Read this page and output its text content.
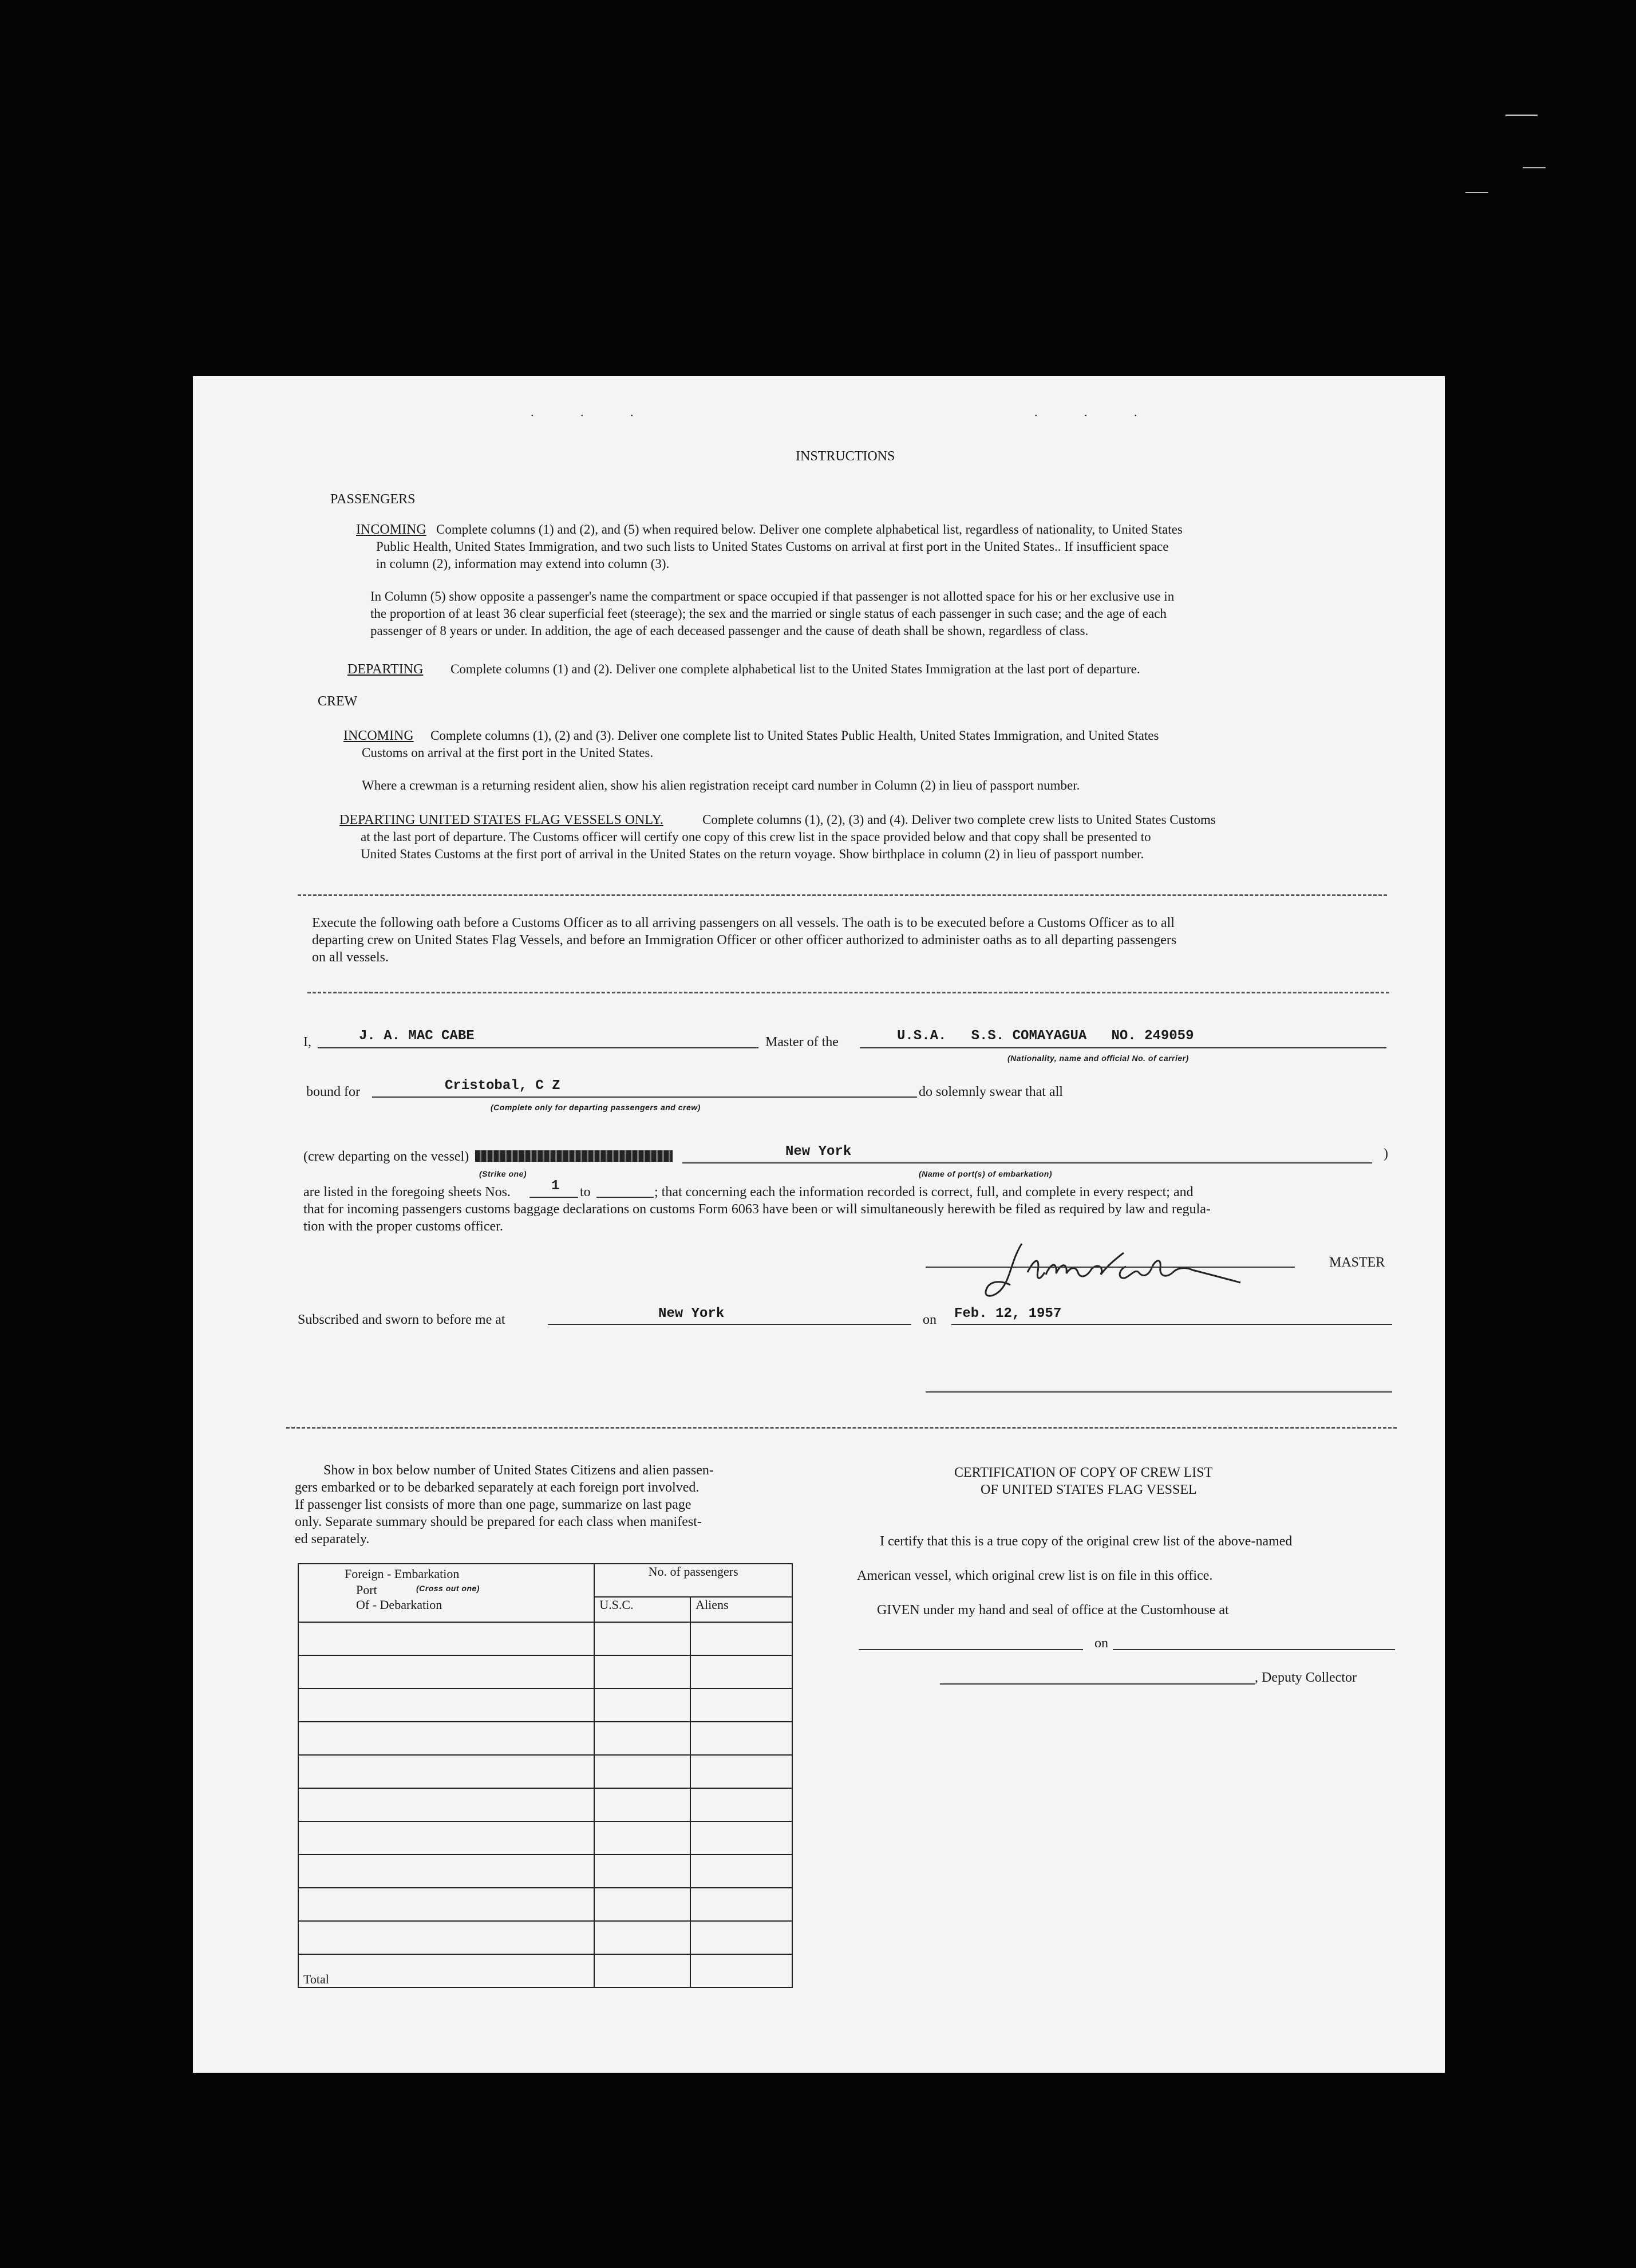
. . .	. . .
INSTRUCTIONS
PASSENGERS
INCOMING Complete columns (1) and (2), and (5) when required below. Deliver one complete alphabetical list, regardless of nationality, to United States
Public Health, United States Immigration, and two such lists to United States Customs on arrival at first port in the United States.. If insufficient space
in column (2), information may extend into column (3).
In Column (5) show opposite a passenger's name the compartment or space occupied if that passenger is not allotted space for his or her exclusive use in
the proportion of at least 36 clear superficial feet (steerage); the sex and the married or single status of each passenger in such case; and the age of each
passenger of 8 years or under. In addition, the age of each deceased passenger and the cause of death shall be shown, regardless of class.
DEPARTING Complete columns (1) and (2). Deliver one complete alphabetical list to the United States Immigration at the last port of departure.
CREW
INCOMING Complete columns (1), (2) and (3). Deliver one complete list to United States Public Health, United States Immigration, and United States
Customs on arrival at the first port in the United States.
Where a crewman is a returning resident alien, show his alien registration receipt card number in Column (2) in lieu of passport number.
DEPARTING UNITED STATES FLAG VESSELS ONLY.	Complete columns (1), (2), (3) and (4). Deliver two complete crew lists to United States Customs
at the last port of departure. The Customs officer will certify one copy of this crew list in the space provided below and that copy shall be presented to
United States Customs at the first port of arrival in the United States on the return voyage. Show birthplace in column (2) in lieu of passport number.
Execute the following oath before a Customs Officer as to all arriving passengers on all vessels. The oath is to be executed before a Customs Officer as to all
departing crew on United States Flag Vessels, and before an Immigration Officer or other officer authorized to administer oaths as to all departing passengers
on all vessels.
I,	J. A. MAC CABE	Master of the	U.S.A.   S.S. COMAYAGUA   NO. 249059
(Nationality, name and official No. of carrier)
bound for	Cristobal, C Z
(Complete only for departing passengers and crew)
do solemnly swear that all
(crew departing on the vessel)
(Strike one)
New York
(Name of port(s) of embarkation)
)
are listed in the foregoing sheets Nos.	1 to	; that concerning each the information recorded is correct, full, and complete in every respect; and
that for incoming passengers customs baggage declarations on customs Form 6063 have been or will simultaneously herewith be filed as required by law and regula-
tion with the proper customs officer.
MASTER
Subscribed and sworn to before me at	New York	on Feb. 12, 1957
Show in box below number of United States Citizens and alien passen-
gers embarked or to be debarked separately at each foreign port involved.
If passenger list consists of more than one page, summarize on last page
only. Separate summary should be prepared for each class when manifest-
ed separately.
Foreign - Embarkation
Port (Cross out one)
Of - Debarkation	No. of passengers	
	U.S.C.	Aliens

Total		
CERTIFICATION OF COPY OF CREW LIST
OF UNITED STATES FLAG VESSEL
I certify that this is a true copy of the original crew list of the above-named
American vessel, which original crew list is on file in this office.
GIVEN under my hand and seal of office at the Customhouse at
on
, Deputy Collector
